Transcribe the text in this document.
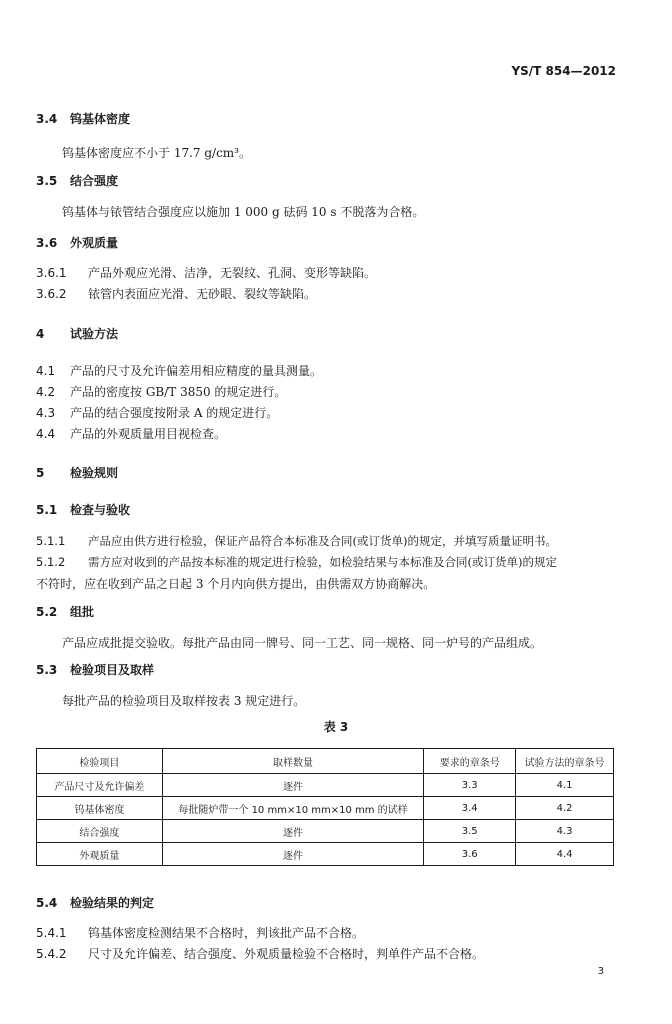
YS/T 854—2012
3.4 钨基体密度
钨基体密度应不小于 17.7 g/cm³。
3.5 结合强度
钨基体与铱管结合强度应以施加 1 000 g 砝码 10 s 不脱落为合格。
3.6 外观质量
3.6.1 产品外观应光滑、洁净，无裂纹、孔洞、变形等缺陷。
3.6.2 铱管内表面应光滑、无砂眼、裂纹等缺陷。
4 试验方法
4.1 产品的尺寸及允许偏差用相应精度的量具测量。
4.2 产品的密度按 GB/T 3850 的规定进行。
4.3 产品的结合强度按附录 A 的规定进行。
4.4 产品的外观质量用目视检查。
5 检验规则
5.1 检查与验收
5.1.1 产品应由供方进行检验，保证产品符合本标准及合同(或订货单)的规定，并填写质量证明书。
5.1.2 需方应对收到的产品按本标准的规定进行检验，如检验结果与本标准及合同(或订货单)的规定
不符时，应在收到产品之日起 3 个月内向供方提出，由供需双方协商解决。
5.2 组批
产品应成批提交验收。每批产品由同一牌号、同一工艺、同一规格、同一炉号的产品组成。
5.3 检验项目及取样
每批产品的检验项目及取样按表 3 规定进行。
表 3
检验项目	取样数量	要求的章条号	试验方法的章条号
产品尺寸及允许偏差	逐件	3.3	4.1
钨基体密度	每批随炉带一个 10 mm×10 mm×10 mm 的试样	3.4	4.2
结合强度	逐件	3.5	4.3
外观质量	逐件	3.6	4.4
5.4 检验结果的判定
5.4.1 钨基体密度检测结果不合格时，判该批产品不合格。
5.4.2 尺寸及允许偏差、结合强度、外观质量检验不合格时，判单件产品不合格。
3
